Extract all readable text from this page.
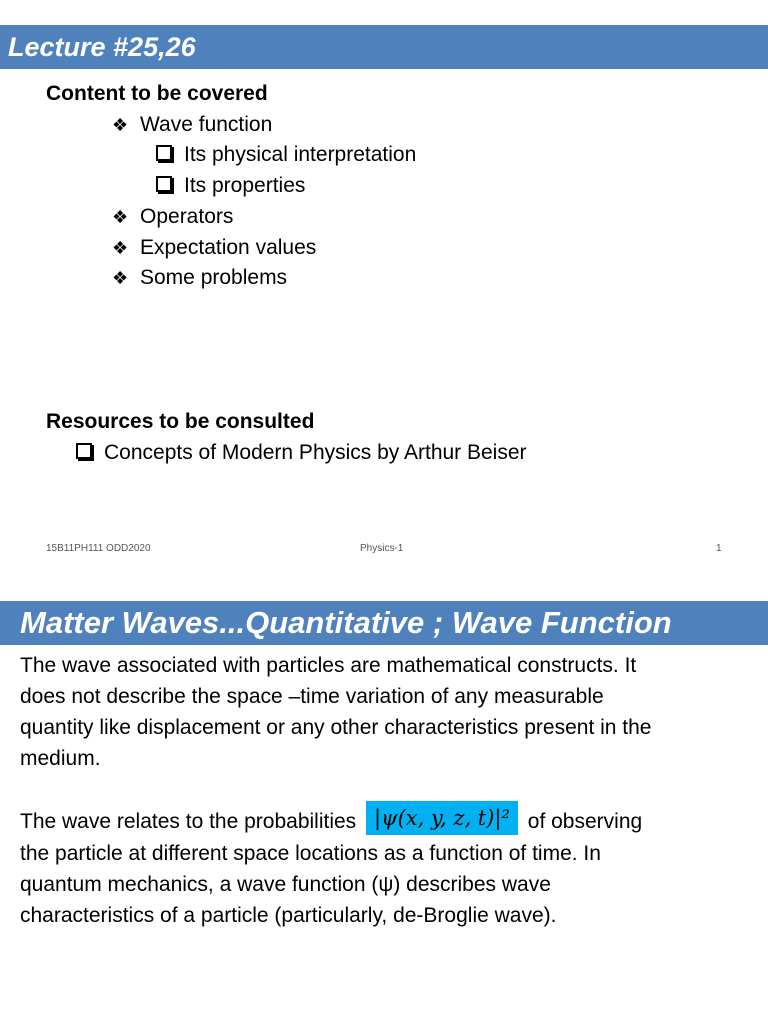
Lecture #25,26
Content to be covered
❖ Wave function
Its physical interpretation
Its properties
❖ Operators
❖ Expectation values
❖ Some problems
Resources to be consulted
Concepts of Modern Physics by Arthur Beiser
15B11PH111 ODD2020	Physics-1	1
Matter Waves...Quantitative ; Wave Function
The wave associated with particles are mathematical constructs. It
does not describe the space –time variation of any measurable
quantity like displacement or any other characteristics present in the
medium.
The wave relates to the probabilities |ψ(x, y, z, t)|² of observing
the particle at different space locations as a function of time. In
quantum mechanics, a wave function (ψ) describes wave
characteristics of a particle (particularly, de-Broglie wave).
